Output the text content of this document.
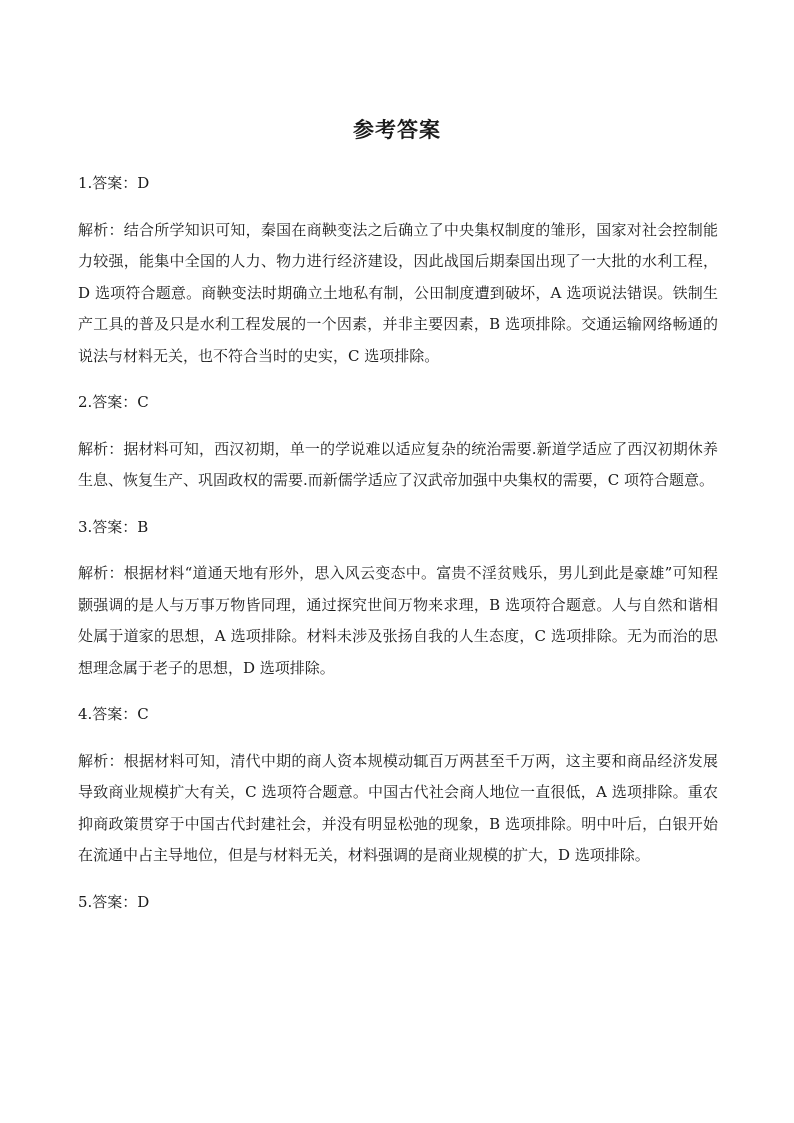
参考答案

1.答案：D

解析：结合所学知识可知，秦国在商鞅变法之后确立了中央集权制度的雏形，国家对社会控制能力较强，能集中全国的人力、物力进行经济建设，因此战国后期秦国出现了一大批的水利工程，D 选项符合题意。商鞅变法时期确立土地私有制，公田制度遭到破坏，A 选项说法错误。铁制生产工具的普及只是水利工程发展的一个因素，并非主要因素，B 选项排除。交通运输网络畅通的说法与材料无关，也不符合当时的史实，C 选项排除。

2.答案：C

解析：据材料可知，西汉初期，单一的学说难以适应复杂的统治需要.新道学适应了西汉初期休养生息、恢复生产、巩固政权的需要.而新儒学适应了汉武帝加强中央集权的需要，C 项符合题意。

3.答案：B

解析：根据材料“道通天地有形外，思入风云变态中。富贵不淫贫贱乐，男儿到此是豪雄”可知程颢强调的是人与万事万物皆同理，通过探究世间万物来求理，B 选项符合题意。人与自然和谐相处属于道家的思想，A 选项排除。材料未涉及张扬自我的人生态度，C 选项排除。无为而治的思想理念属于老子的思想，D 选项排除。

4.答案：C

解析：根据材料可知，清代中期的商人资本规模动辄百万两甚至千万两，这主要和商品经济发展导致商业规模扩大有关，C 选项符合题意。中国古代社会商人地位一直很低，A 选项排除。重农抑商政策贯穿于中国古代封建社会，并没有明显松弛的现象，B 选项排除。明中叶后，白银开始在流通中占主导地位，但是与材料无关，材料强调的是商业规模的扩大，D 选项排除。

5.答案：D
